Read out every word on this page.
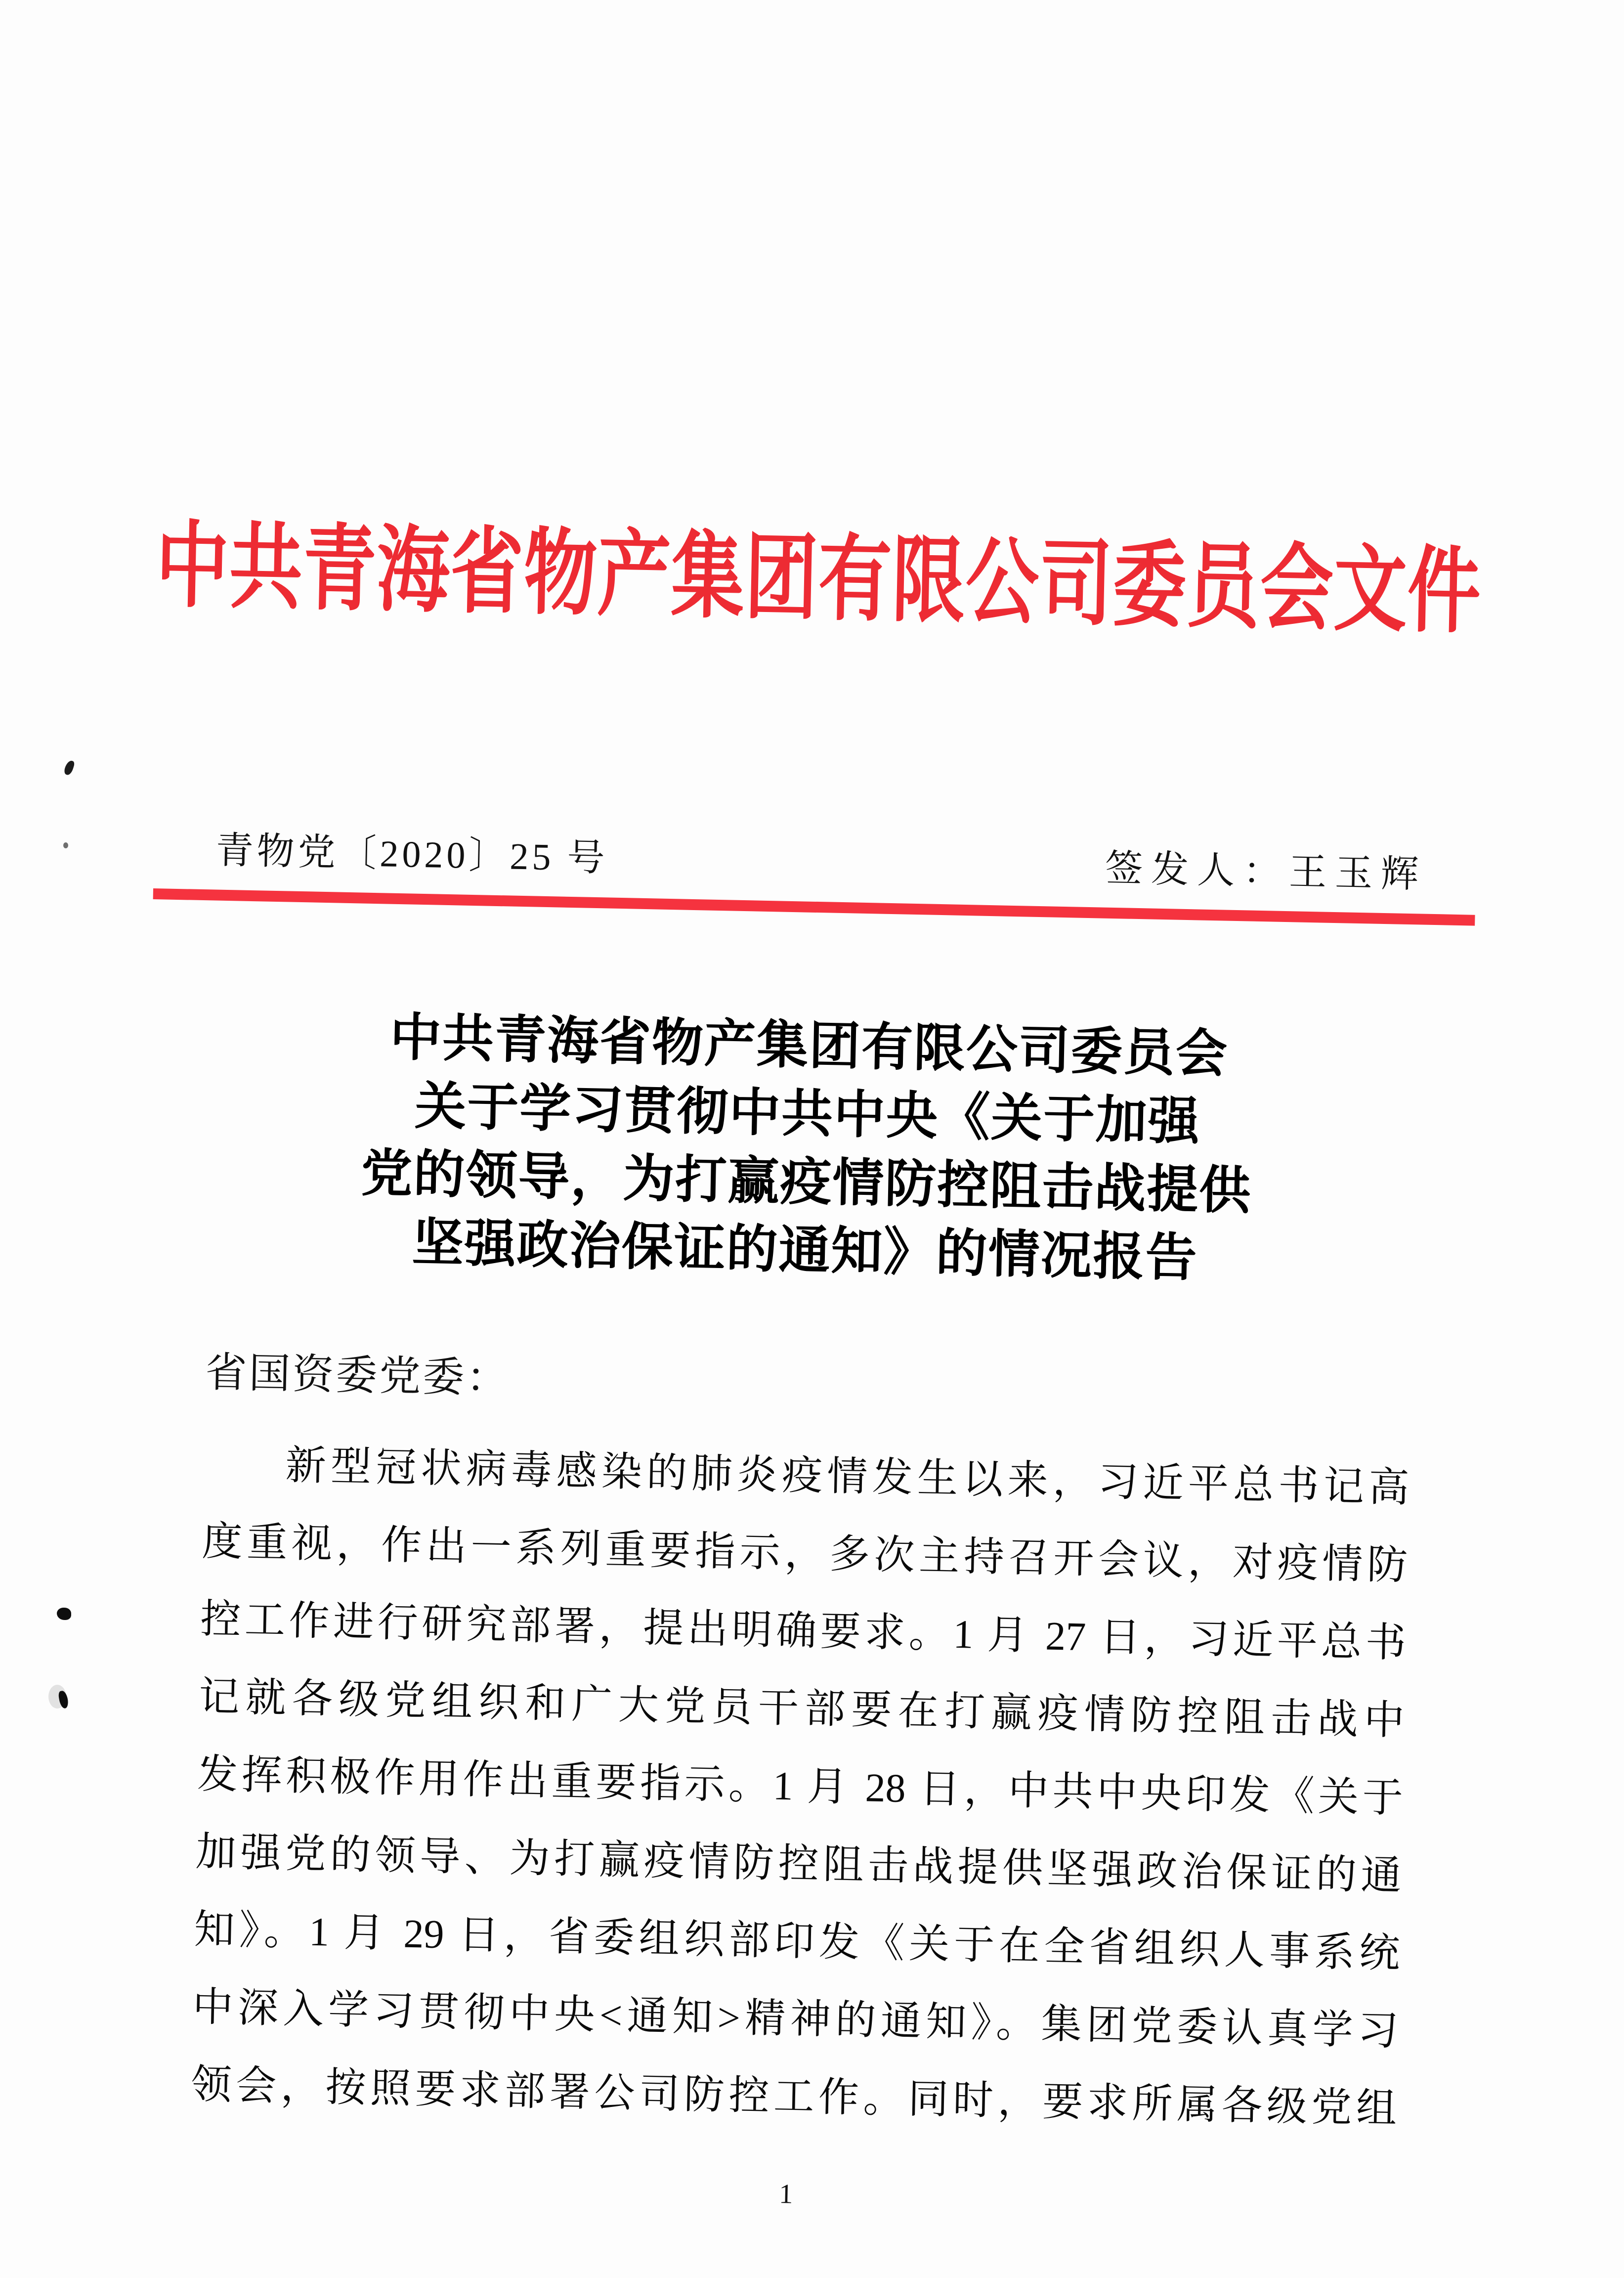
中共青海省物产集团有限公司委员会文件
青物党〔2020〕25 号	签发人：王玉辉
中共青海省物产集团有限公司委员会
关于学习贯彻中共中央《关于加强
党的领导，为打赢疫情防控阻击战提供
坚强政治保证的通知》的情况报告
省国资委党委：
新型冠状病毒感染的肺炎疫情发生以来，习近平总书记高
度重视，作出一系列重要指示，多次主持召开会议，对疫情防
控工作进行研究部署，提出明确要求。1 月 27 日，习近平总书
记就各级党组织和广大党员干部要在打赢疫情防控阻击战中
发挥积极作用作出重要指示。1 月 28 日，中共中央印发《关于
加强党的领导、为打赢疫情防控阻击战提供坚强政治保证的通
知》。1 月 29 日，省委组织部印发《关于在全省组织人事系统
中深入学习贯彻中央<通知>精神的通知》。集团党委认真学习
领会，按照要求部署公司防控工作。同时，要求所属各级党组
1
